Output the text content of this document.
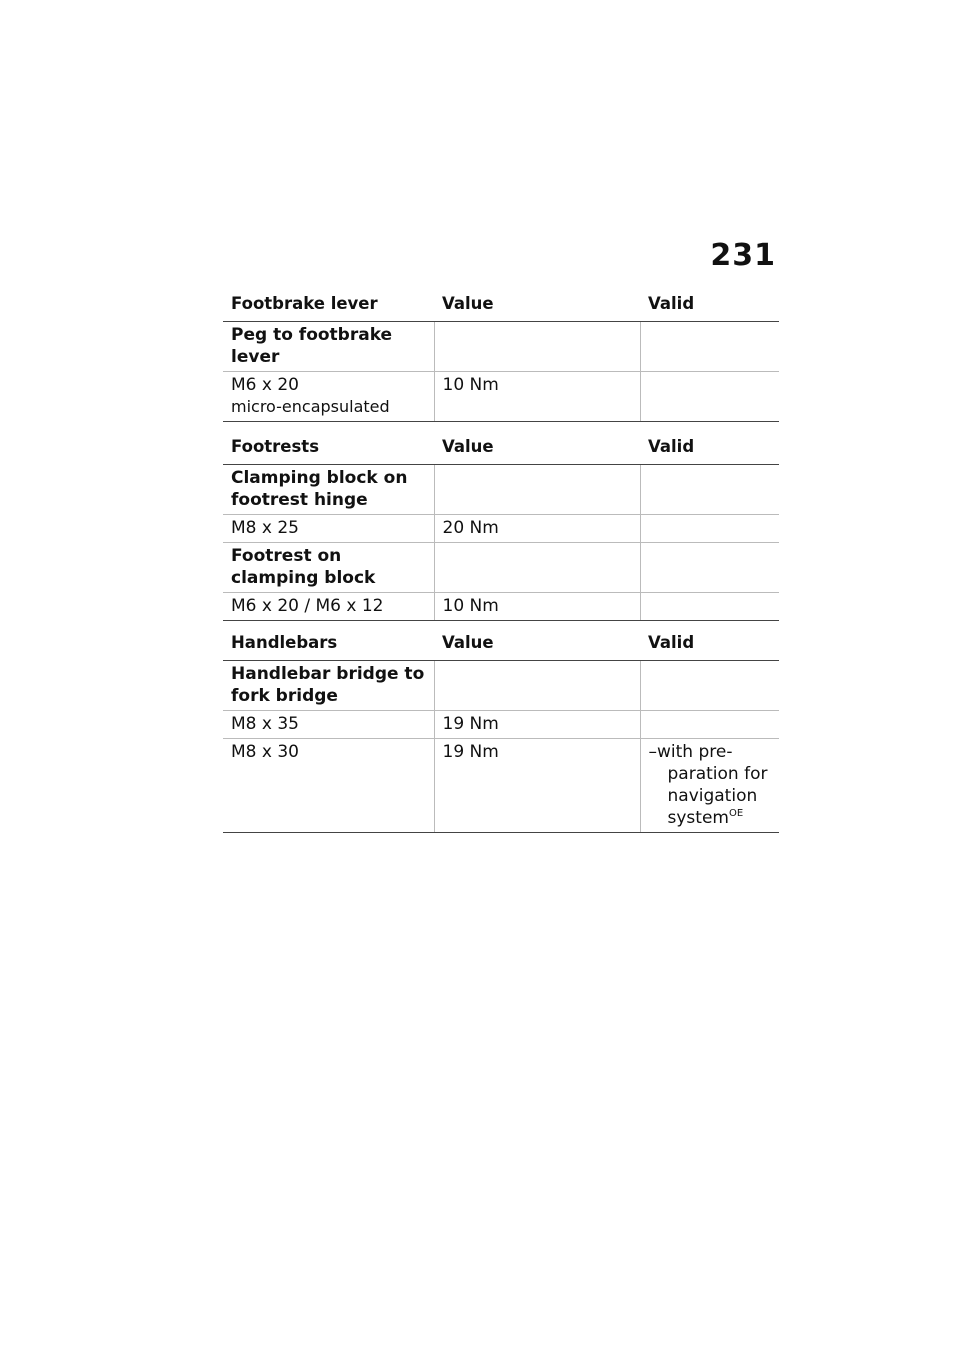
231
Footbrake lever	Value	Valid
Peg to footbrake lever		

M6 x 20
micro-encapsulated	10 Nm	
Footrests	Value	Valid
Clamping block on footrest hinge		
M8 x 25	20 Nm	
Footrest on clamping block		
M6 x 20 / M6 x 12	10 Nm	
Handlebars	Value	Valid
Handlebar bridge to fork bridge		
M8 x 35	19 Nm	
M8 x 30	19 Nm	–with pre-paration for navigation system$^{OE}$
